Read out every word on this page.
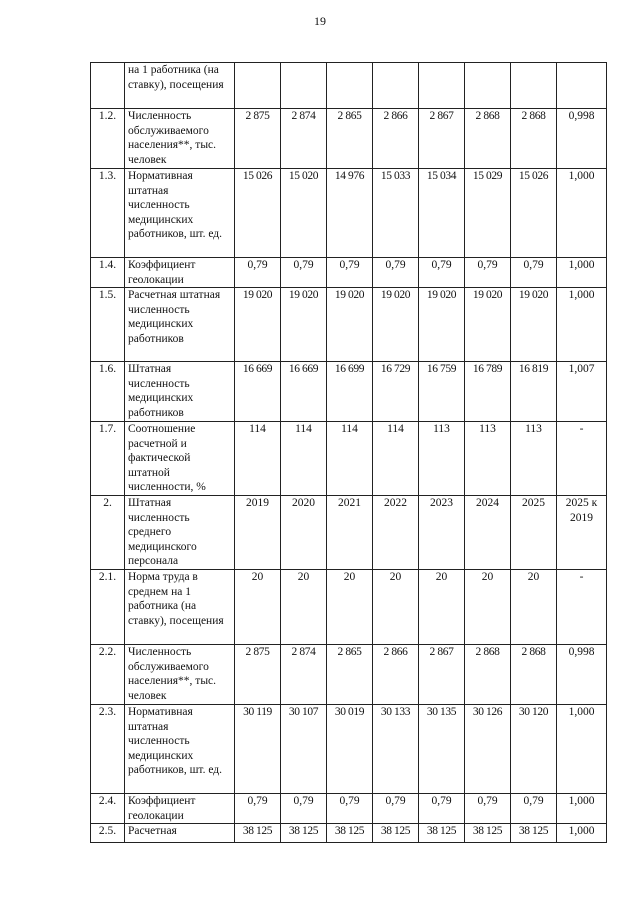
19
	на 1 работника (на ставку), посещения								
1.2.	Численность обслуживаемого населения**, тыс. человек	2 875	2 874	2 865	2 866	2 867	2 868	2 868	0,998
1.3.	Нормативная штатная численность медицинских работников, шт. ед.	15 026	15 020	14 976	15 033	15 034	15 029	15 026	1,000
1.4.	Коэффициент геолокации	0,79	0,79	0,79	0,79	0,79	0,79	0,79	1,000
1.5.	Расчетная штатная численность медицинских работников	19 020	19 020	19 020	19 020	19 020	19 020	19 020	1,000
1.6.	Штатная численность медицинских работников	16 669	16 669	16 699	16 729	16 759	16 789	16 819	1,007
1.7.	Соотношение расчетной и фактической штатной численности, %	114	114	114	114	113	113	113	-
2.	Штатная численность среднего медицинского персонала	2019	2020	2021	2022	2023	2024	2025	2025 к 2019
2.1.	Норма труда в среднем на 1 работника (на ставку), посещения	20	20	20	20	20	20	20	-
2.2.	Численность обслуживаемого населения**, тыс. человек	2 875	2 874	2 865	2 866	2 867	2 868	2 868	0,998
2.3.	Нормативная штатная численность медицинских работников, шт. ед.	30 119	30 107	30 019	30 133	30 135	30 126	30 120	1,000
2.4.	Коэффициент геолокации	0,79	0,79	0,79	0,79	0,79	0,79	0,79	1,000
2.5.	Расчетная	38 125	38 125	38 125	38 125	38 125	38 125	38 125	1,000
